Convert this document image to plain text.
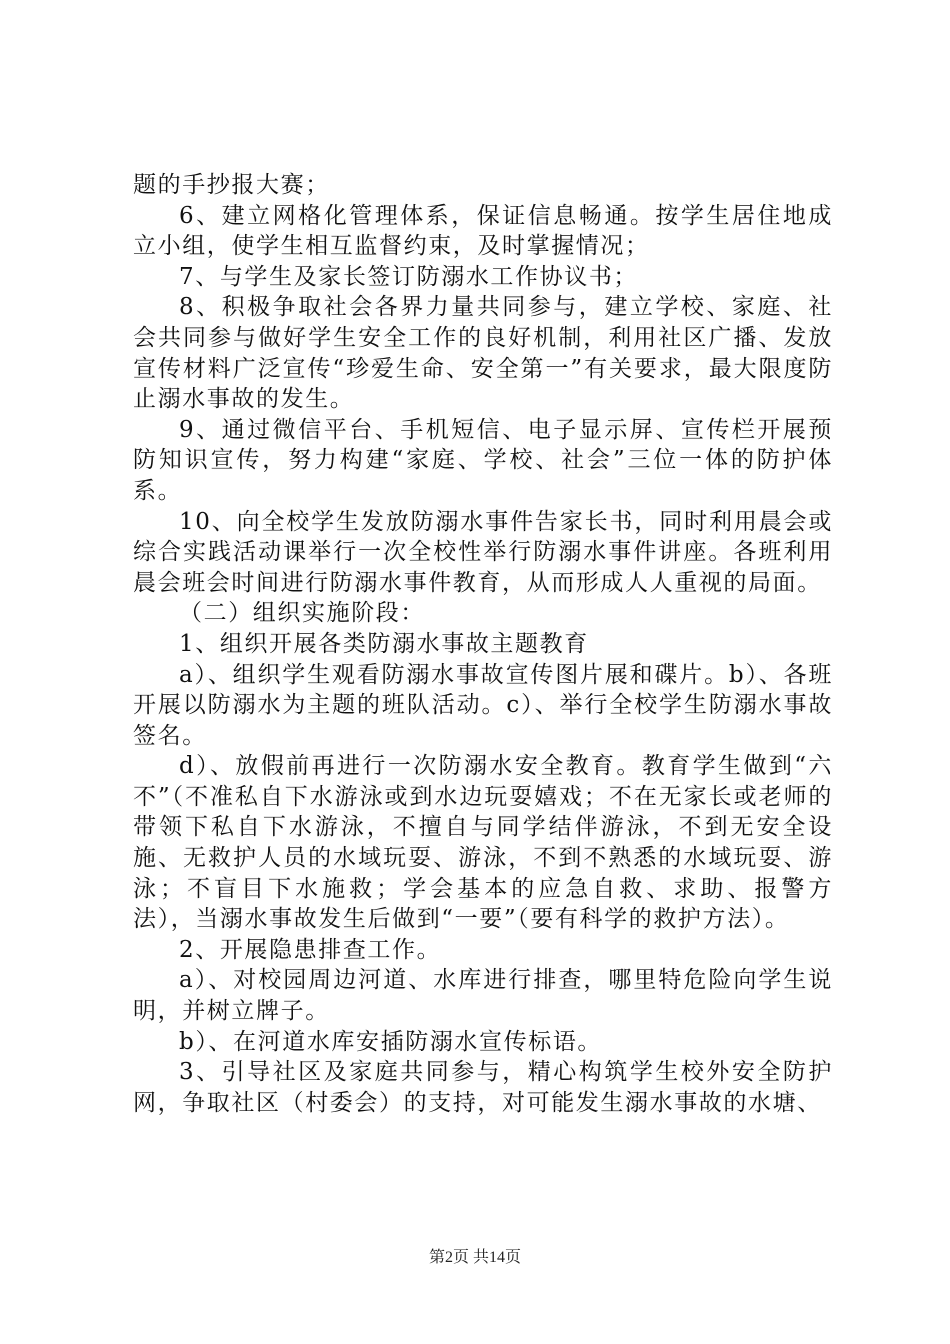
题的手抄报大赛；

6、建立网格化管理体系，保证信息畅通。按学生居住地成立小组，使学生相互监督约束，及时掌握情况；

7、与学生及家长签订防溺水工作协议书；

8、积极争取社会各界力量共同参与，建立学校、家庭、社会共同参与做好学生安全工作的良好机制，利用社区广播、发放宣传材料广泛宣传“珍爱生命、安全第一”有关要求，最大限度防止溺水事故的发生。

9、通过微信平台、手机短信、电子显示屏、宣传栏开展预防知识宣传，努力构建“家庭、学校、社会”三位一体的防护体系。

10、向全校学生发放防溺水事件告家长书，同时利用晨会或综合实践活动课举行一次全校性举行防溺水事件讲座。各班利用晨会班会时间进行防溺水事件教育，从而形成人人重视的局面。

（二）组织实施阶段：

1、组织开展各类防溺水事故主题教育

a）、组织学生观看防溺水事故宣传图片展和碟片。b）、各班开展以防溺水为主题的班队活动。c）、举行全校学生防溺水事故签名。

d）、放假前再进行一次防溺水安全教育。教育学生做到“六不”（不准私自下水游泳或到水边玩耍嬉戏；不在无家长或老师的带领下私自下水游泳，不擅自与同学结伴游泳，不到无安全设施、无救护人员的水域玩耍、游泳，不到不熟悉的水域玩耍、游泳；不盲目下水施救；学会基本的应急自救、求助、报警方法），当溺水事故发生后做到“一要”（要有科学的救护方法）。

2、开展隐患排查工作。

a）、对校园周边河道、水库进行排查，哪里特危险向学生说明，并树立牌子。

b）、在河道水库安插防溺水宣传标语。

3、引导社区及家庭共同参与，精心构筑学生校外安全防护网，争取社区（村委会）的支持，对可能发生溺水事故的水塘、

第2页 共14页
